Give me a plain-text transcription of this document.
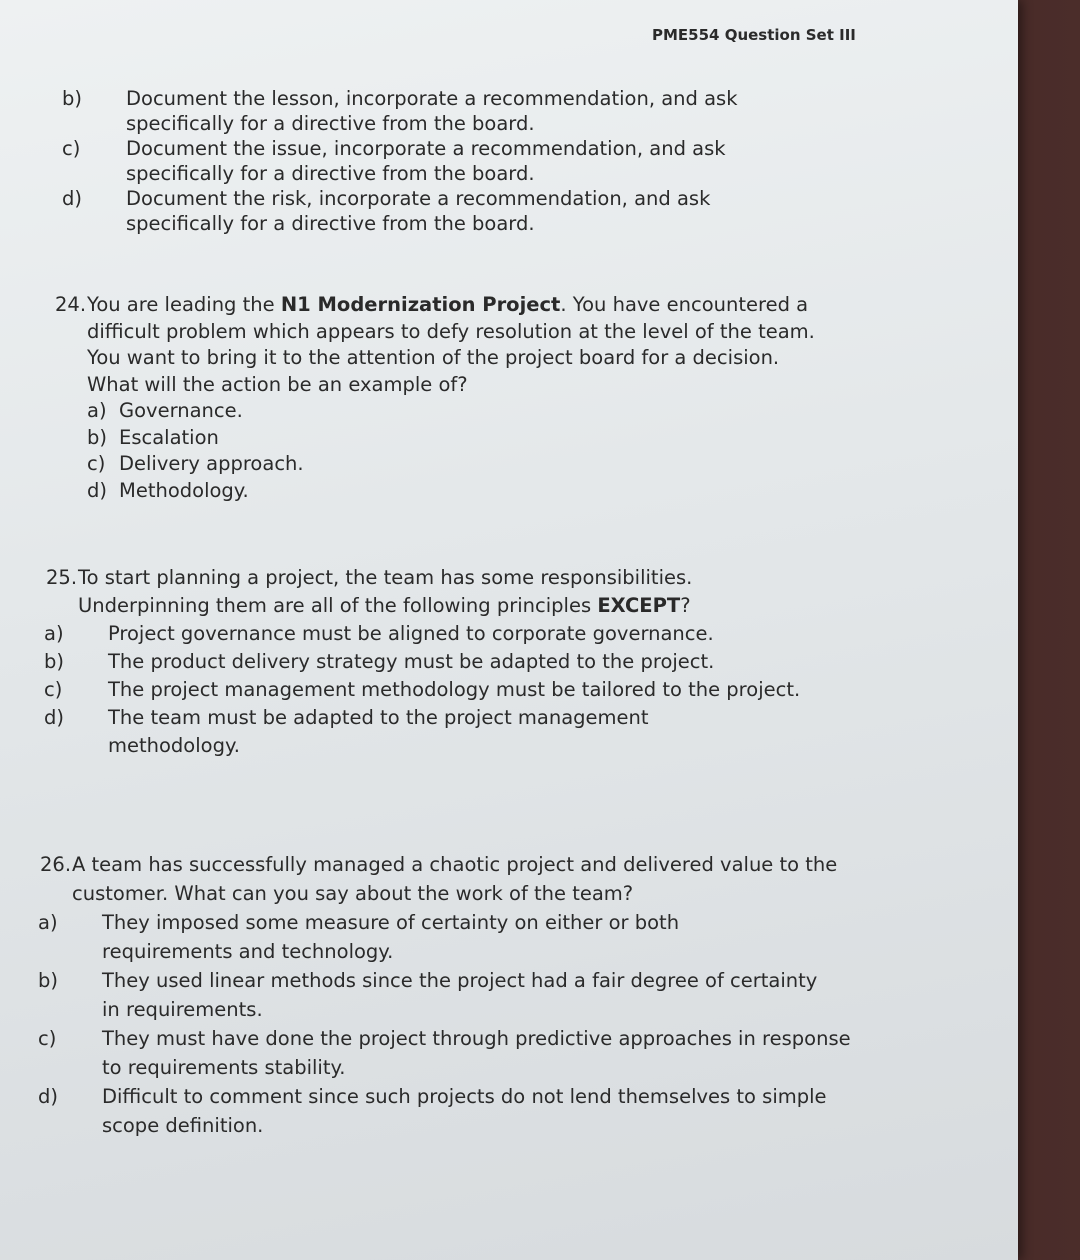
PME554 Question Set III
b) Document the lesson, incorporate a recommendation, and ask specifically for a directive from the board.
c) Document the issue, incorporate a recommendation, and ask specifically for a directive from the board.
d) Document the risk, incorporate a recommendation, and ask specifically for a directive from the board.
24.You are leading the N1 Modernization Project. You have encountered a difficult problem which appears to defy resolution at the level of the team. You want to bring it to the attention of the project board for a decision. What will the action be an example of?
a) Governance.
b) Escalation
c) Delivery approach.
d) Methodology.
25.To start planning a project, the team has some responsibilities. Underpinning them are all of the following principles EXCEPT?
a) Project governance must be aligned to corporate governance.
b) The product delivery strategy must be adapted to the project.
c) The project management methodology must be tailored to the project.
d) The team must be adapted to the project management methodology.
26.A team has successfully managed a chaotic project and delivered value to the customer. What can you say about the work of the team?
a) They imposed some measure of certainty on either or both requirements and technology.
b) They used linear methods since the project had a fair degree of certainty in requirements.
c) They must have done the project through predictive approaches in response to requirements stability.
d) Difficult to comment since such projects do not lend themselves to simple scope definition.
